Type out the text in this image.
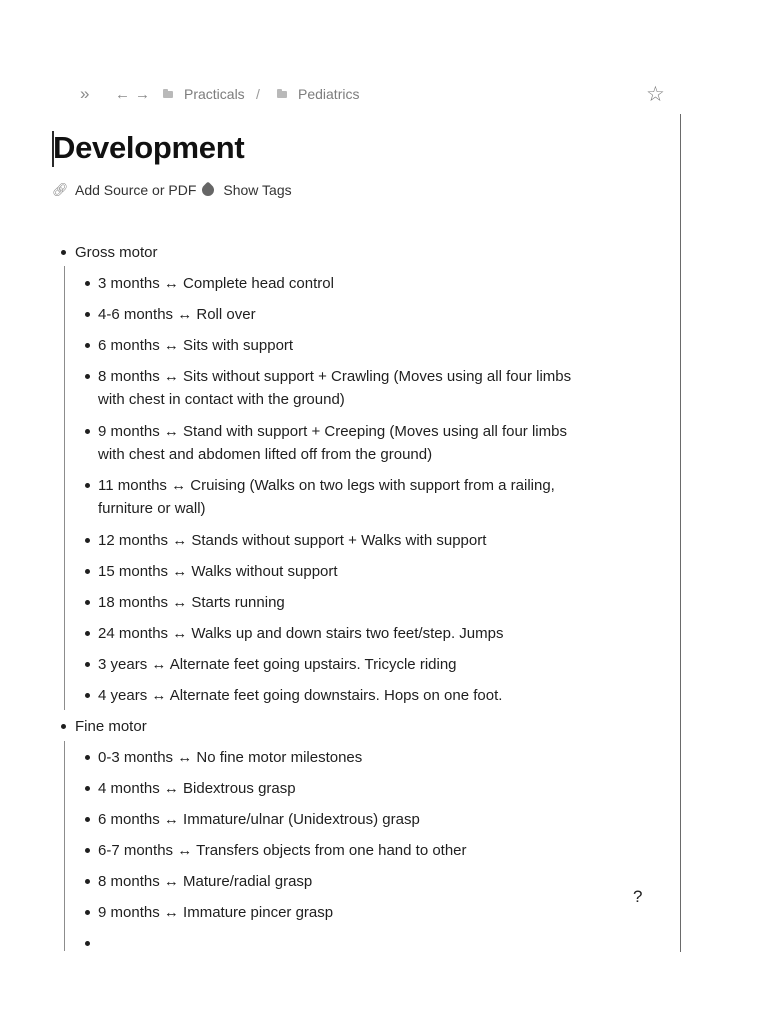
» ← → Practicals /	Pediatrics	☆
Development
🔗︎ Add Source or PDF Show Tags
Gross motor
3 months ↔ Complete head control
4-6 months ↔ Roll over
6 months ↔ Sits with support
8 months ↔ Sits without support + Crawling (Moves using all four limbs
with chest in contact with the ground)
9 months ↔ Stand with support + Creeping (Moves using all four limbs
with chest and abdomen lifted off from the ground)
11 months ↔ Cruising (Walks on two legs with support from a railing,
furniture or wall)
12 months ↔ Stands without support + Walks with support
15 months ↔ Walks without support
18 months ↔ Starts running
24 months ↔ Walks up and down stairs two feet/step. Jumps
3 years ↔ Alternate feet going upstairs. Tricycle riding
4 years ↔ Alternate feet going downstairs. Hops on one foot.
Fine motor
0-3 months ↔ No fine motor milestones
4 months ↔ Bidextrous grasp
6 months ↔ Immature/ulnar (Unidextrous) grasp
6-7 months ↔ Transfers objects from one hand to other
8 months ↔ Mature/radial grasp
9 months ↔ Immature pincer grasp
?
